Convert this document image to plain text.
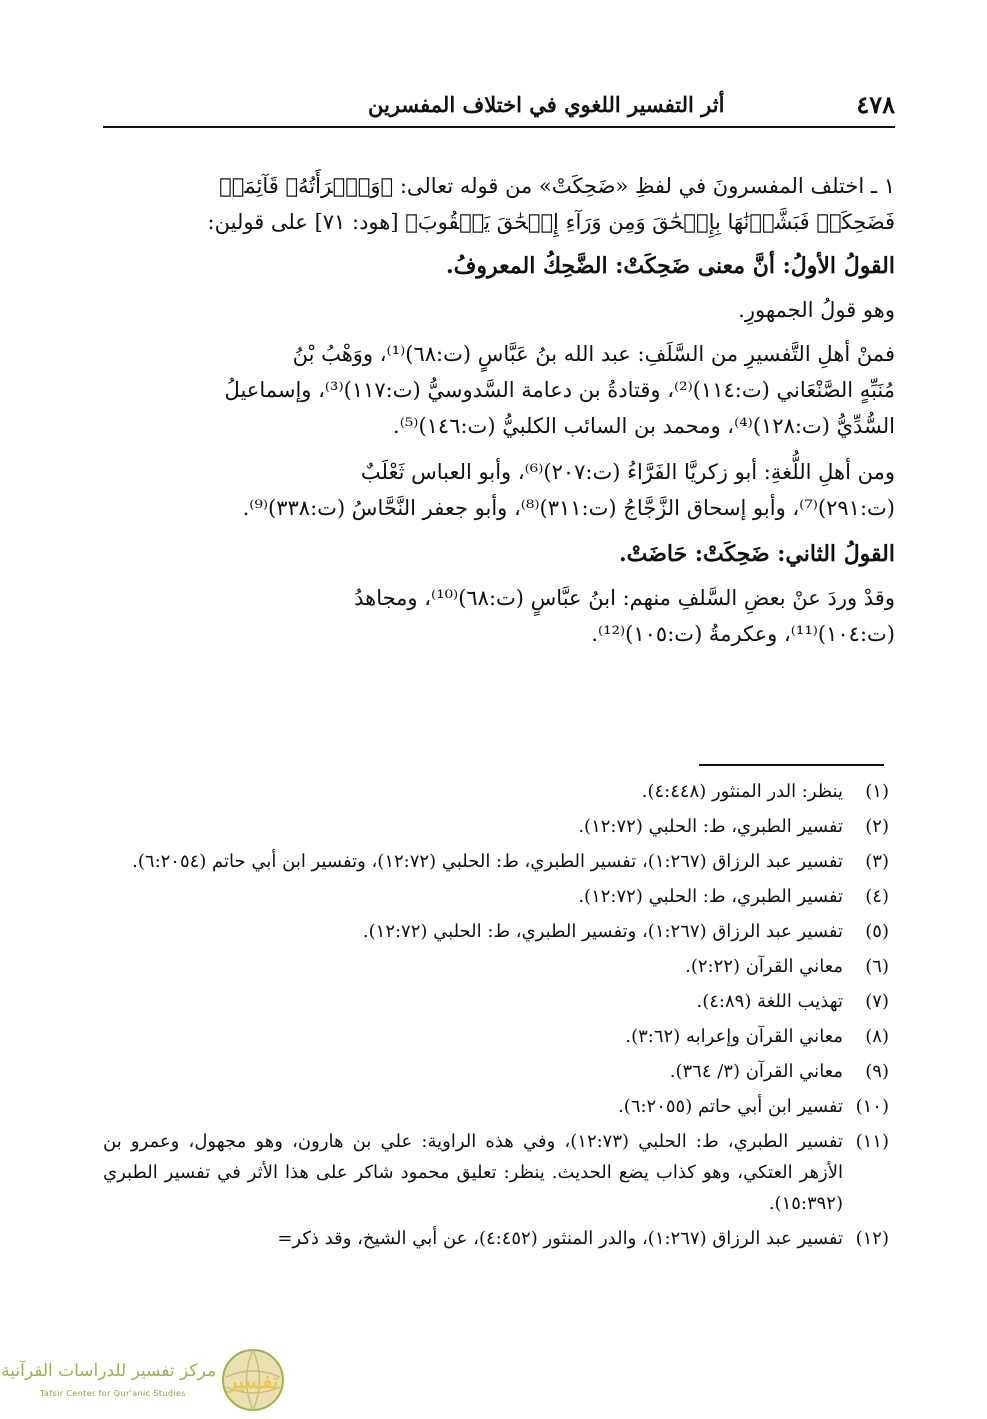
٤٧٨
أثر التفسير اللغوي في اختلاف المفسرين

١ ـ اختلف المفسرونَ في لفظِ «ضَحِكَتْ» من قوله تعالى: ﴿وَٱمۡرَأَتُهُۥ قَآئِمَةٞ
فَضَحِكَتۡ فَبَشَّرۡنَٰهَا بِإِسۡحَٰقَ وَمِن وَرَآءِ إِسۡحَٰقَ يَعۡقُوبَ﴾ [هود: ٧١] على قولين:

القولُ الأولُ: أنَّ معنى ضَحِكَتْ: الضَّحِكُ المعروفُ.

وهو قولُ الجمهورِ.

فمنْ أهلِ التَّفسيرِ من السَّلَفِ: عبد الله بنُ عَبَّاسٍ (ت:٦٨)⁽¹⁾، ووَهْبُ بْنُ
مُنَبِّهٍ الصَّنْعَاني (ت:١١٤)⁽²⁾، وقتادةُ بن دعامة السَّدوسيُّ (ت:١١٧)⁽³⁾، وإسماعيلُ
السُّدِّيُّ (ت:١٢٨)⁽⁴⁾، ومحمد بن السائب الكلبيُّ (ت:١٤٦)⁽⁵⁾.

ومن أهلِ اللُّغةِ: أبو زكريَّا الفَرَّاءُ (ت:٢٠٧)⁽⁶⁾، وأبو العباس ثَعْلَبٌ
(ت:٢٩١)⁽⁷⁾، وأبو إسحاق الزَّجَّاجُ (ت:٣١١)⁽⁸⁾، وأبو جعفر النَّحَّاسُ (ت:٣٣٨)⁽⁹⁾.

القولُ الثاني: ضَحِكَتْ: حَاضَتْ.

وقدْ وردَ عنْ بعضِ السَّلفِ منهم: ابنُ عبَّاسٍ (ت:٦٨)⁽¹⁰⁾، ومجاهدُ
(ت:١٠٤)⁽¹¹⁾، وعكرمةُ (ت:١٠٥)⁽¹²⁾.

(١)
ينظر: الدر المنثور (٤:٤٤٨).

(٢)
تفسير الطبري، ط: الحلبي (١٢:٧٢).

(٣)
تفسير عبد الرزاق (١:٢٦٧)، تفسير الطبري، ط: الحلبي (١٢:٧٢)، وتفسير ابن أبي حاتم (٦:٢٠٥٤).

(٤)
تفسير الطبري، ط: الحلبي (١٢:٧٢).

(٥)
تفسير عبد الرزاق (١:٢٦٧)، وتفسير الطبري، ط: الحلبي (١٢:٧٢).

(٦)
معاني القرآن (٢:٢٢).

(٧)
تهذيب اللغة (٤:٨٩).

(٨)
معاني القرآن وإعرابه (٣:٦٢).

(٩)
معاني القرآن (٣/ ٣٦٤).

(١٠)
تفسير ابن أبي حاتم (٦:٢٠٥٥).

(١١)
تفسير الطبري، ط: الحلبي (١٢:٧٣)، وفي هذه الراوية: علي بن هارون، وهو مجهول، وعمرو بن الأزهر العتكي، وهو كذاب يضع الحديث. ينظر: تعليق محمود شاكر على هذا الأثر في تفسير الطبري (١٥:٣٩٢).

(١٢)
تفسير عبد الرزاق (١:٢٦٧)، والدر المنثور (٤:٤٥٢)، عن أبي الشيخ، وقد ذكر=

مركز تفسير للدراسات القرآنية
Tafsir Center for Qur'anic Studies
تفسير
